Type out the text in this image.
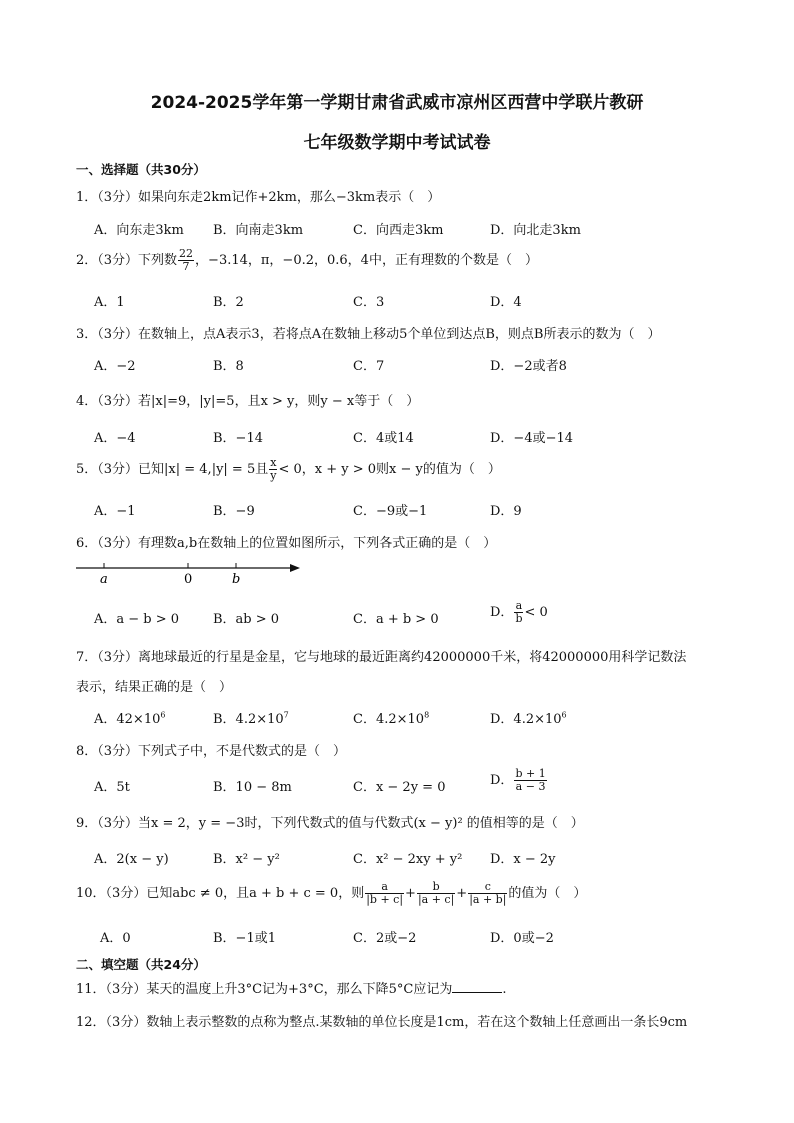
2024-2025学年第一学期甘肃省武威市凉州区西营中学联片教研
七年级数学期中考试试卷
一、选择题（共30分）
1．（3分）如果向东走2km记作+2km，那么−3km表示（　）
A．向东走3km B．向南走3km	C．向西走3km	D．向北走3km
2．（3分）下列数 $\frac{22}{7}$ ，−3.14，π，−0.2，0.6，4中，正有理数的个数是（　）
A．1	B．2	C．3	D．4
3．（3分）在数轴上，点A表示3，若将点A在数轴上移动5个单位到达点B，则点B所表示的数为（　）
A．−2	B．8	C．7	D．−2或者8
4．（3分）若|x|=9，|y|=5，且x > y，则y − x等于（　）
A．−4	B．−14	C．4或14	D．−4或−14
5．（3分）已知|x| = 4,|y| = 5且 $\frac{x}{y} < 0$，x + y > 0则x − y的值为（　）
A．−1	B．−9	C．−9或−1	D．9
6．（3分）有理数a,b在数轴上的位置如图所示，下列各式正确的是（　）
a	0	b
A．a − b > 0	B．ab > 0	C．a + b > 0	D． $\frac{a}{b} < 0$
7．（3分）离地球最近的行星是金星，它与地球的最近距离约42000000千米，将42000000用科学记数法
表示，结果正确的是（　）
A．$42\times 10^6$	B．$4.2\times 10^7$	C．$4.2\times 10^8$	D．$4.2\times 10^6$
8．（3分）下列式子中，不是代数式的是（　）
A．5t	B．10 − 8m	C．x − 2y = 0	D． $\frac{b + 1}{a - 3}$
9．（3分）当x = 2，y = −3时，下列代数式的值与代数式(x − y)² 的值相等的是（　）
A．2(x − y)	B．x² − y²	C．x² − 2xy + y² D．x − 2y
10．（3分）已知abc ≠ 0，且a + b + c = 0，则 $\frac{a}{|b + c|} + \frac{b}{|a + c|} + \frac{c}{|a + b|}$ 的值为（　）
A．0	B．−1或1	C．2或−2	D．0或−2
二、填空题（共24分）
11．（3分）某天的温度上升3°C记为+3°C，那么下降5°C应记为	.
12．（3分）数轴上表示整数的点称为整点.某数轴的单位长度是1cm，若在这个数轴上任意画出一条长9cm
